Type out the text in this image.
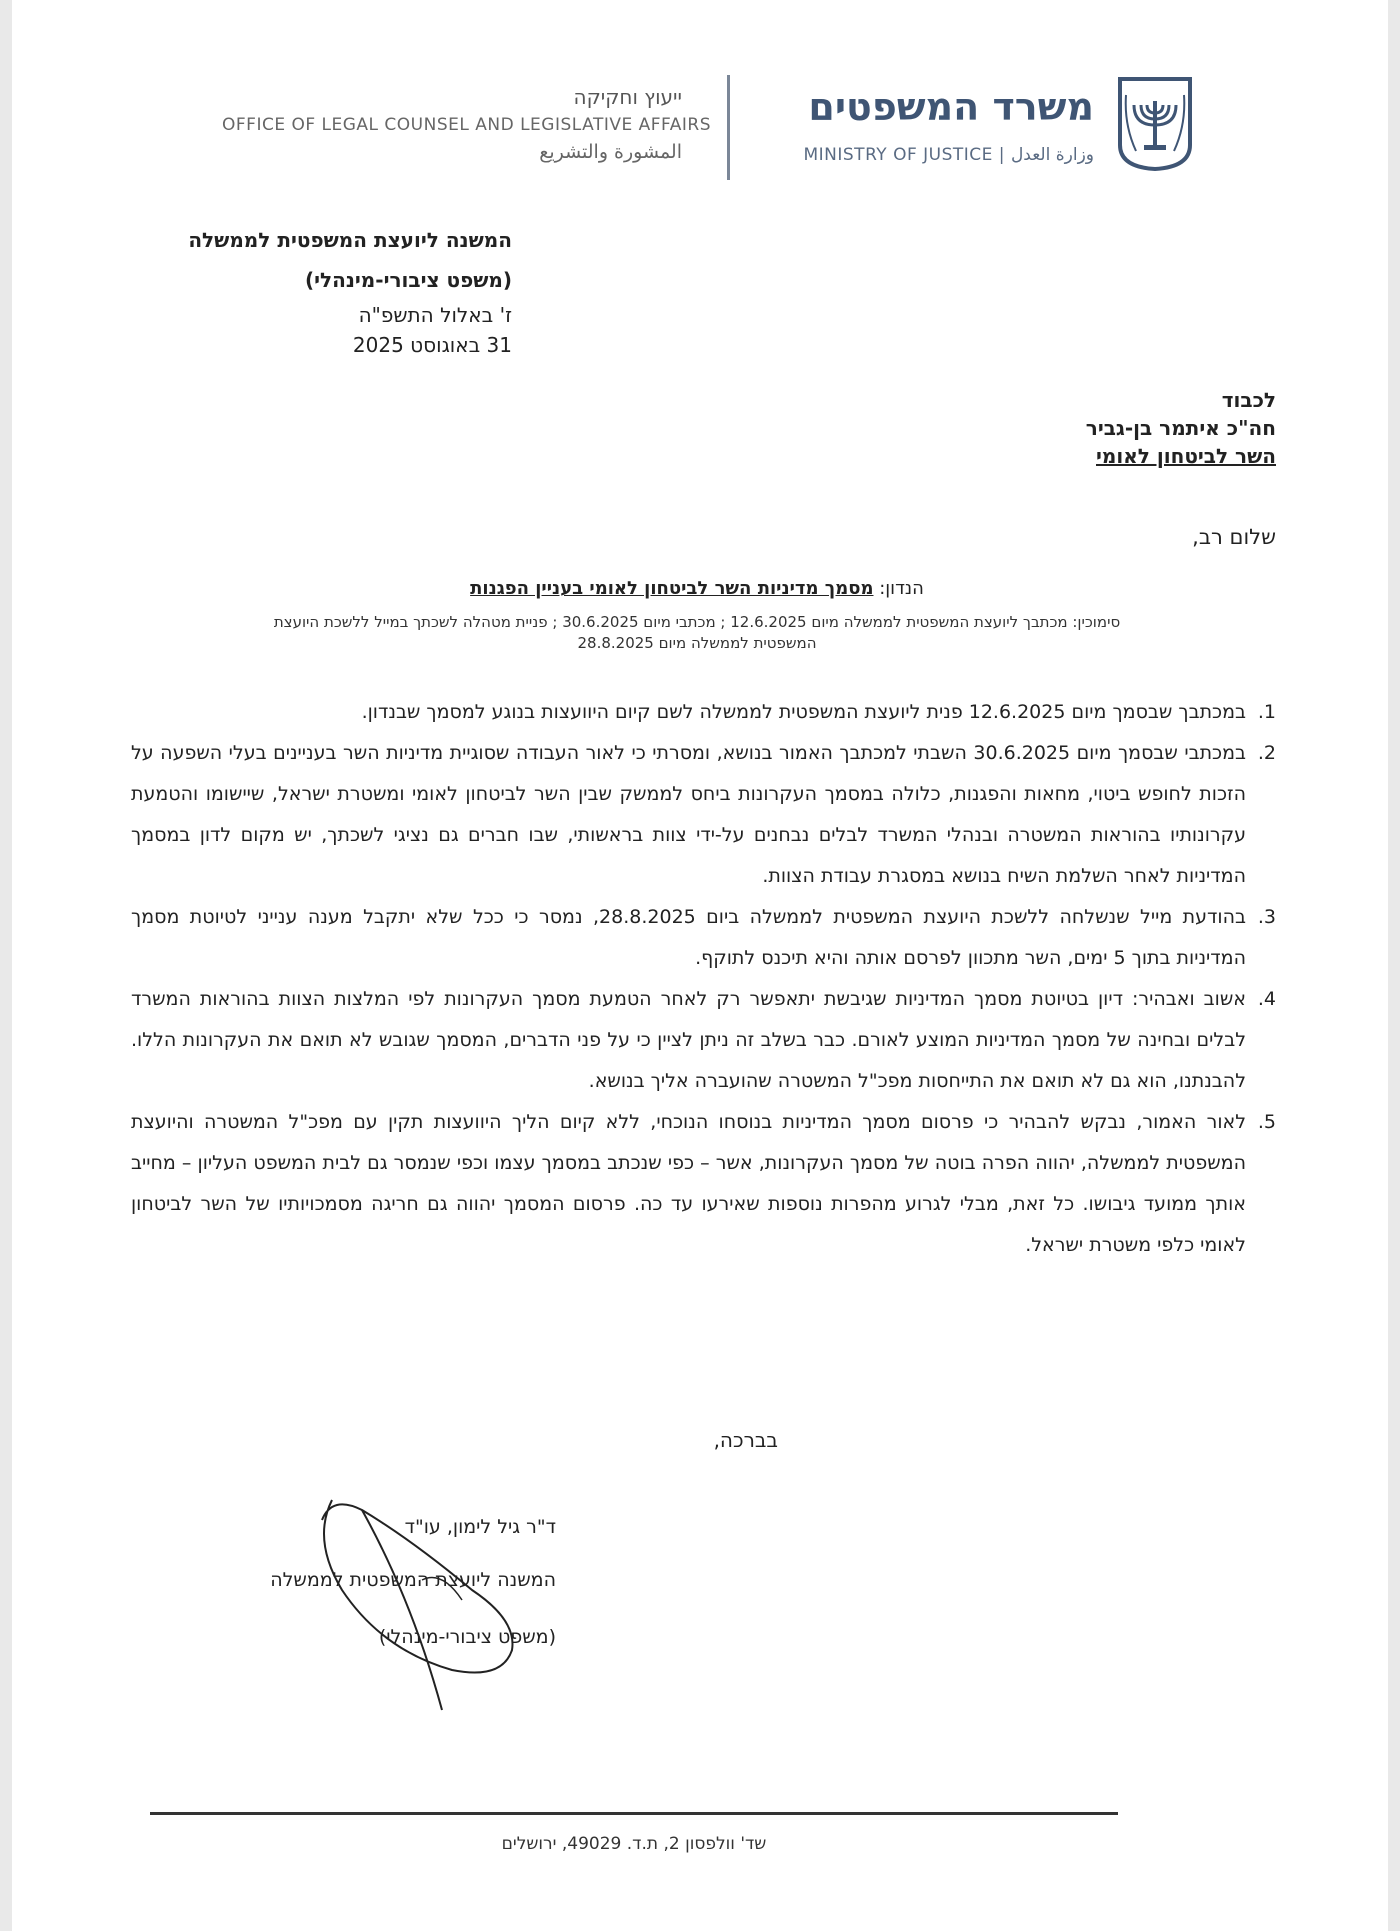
משרד המשפטים
MINISTRY OF JUSTICE | وزارة العدل
ייעוץ וחקיקה
OFFICE OF LEGAL COUNSEL AND LEGISLATIVE AFFAIRS
المشورة والتشريع
המשנה ליועצת המשפטית לממשלה
(משפט ציבורי-מינהלי)
ז' באלול התשפ"ה
31 באוגוסט 2025
לכבוד
חה"כ איתמר בן-גביר
השר לביטחון לאומי
שלום רב,
הנדון: מסמך מדיניות השר לביטחון לאומי בעניין הפגנות
סימוכין: מכתבך ליועצת המשפטית לממשלה מיום 12.6.2025 ; מכתבי מיום 30.6.2025 ; פניית מטהלה לשכתך במייל ללשכת היועצת
המשפטית לממשלה מיום 28.8.2025
1.
במכתבך שבסמך מיום 12.6.2025 פנית ליועצת המשפטית לממשלה לשם קיום היוועצות בנוגע למסמך שבנדון.
2.
במכתבי שבסמך מיום 30.6.2025 השבתי למכתבך האמור בנושא, ומסרתי כי לאור העבודה שסוגיית מדיניות השר בעניינים בעלי השפעה על הזכות לחופש ביטוי, מחאות והפגנות, כלולה במסמך העקרונות ביחס לממשק שבין השר לביטחון לאומי ומשטרת ישראל, שיישומו והטמעת עקרונותיו בהוראות המשטרה ובנהלי המשרד לבלים נבחנים על-ידי צוות בראשותי, שבו חברים גם נציגי לשכתך, יש מקום לדון במסמך המדיניות לאחר השלמת השיח בנושא במסגרת עבודת הצוות.
3.
בהודעת מייל שנשלחה ללשכת היועצת המשפטית לממשלה ביום 28.8.2025, נמסר כי ככל שלא יתקבל מענה ענייני לטיוטת מסמך המדיניות בתוך 5 ימים, השר מתכוון לפרסם אותה והיא תיכנס לתוקף.
4.
אשוב ואבהיר: דיון בטיוטת מסמך המדיניות שגיבשת יתאפשר רק לאחר הטמעת מסמך העקרונות לפי המלצות הצוות בהוראות המשרד לבלים ובחינה של מסמך המדיניות המוצע לאורם. כבר בשלב זה ניתן לציין כי על פני הדברים, המסמך שגובש לא תואם את העקרונות הללו. להבנתנו, הוא גם לא תואם את התייחסות מפכ"ל המשטרה שהועברה אליך בנושא.
5.
לאור האמור, נבקש להבהיר כי פרסום מסמך המדיניות בנוסחו הנוכחי, ללא קיום הליך היוועצות תקין עם מפכ"ל המשטרה והיועצת המשפטית לממשלה, יהווה הפרה בוטה של מסמך העקרונות, אשר – כפי שנכתב במסמך עצמו וכפי שנמסר גם לבית המשפט העליון – מחייב אותך ממועד גיבושו. כל זאת, מבלי לגרוע מהפרות נוספות שאירעו עד כה. פרסום המסמך יהווה גם חריגה מסמכויותיו של השר לביטחון לאומי כלפי משטרת ישראל.
בברכה,
ד"ר גיל לימון, עו"ד
המשנה ליועצת המשפטית לממשלה
(משפט ציבורי-מינהלי)
שד' וולפסון 2, ת.ד. 49029, ירושלים
